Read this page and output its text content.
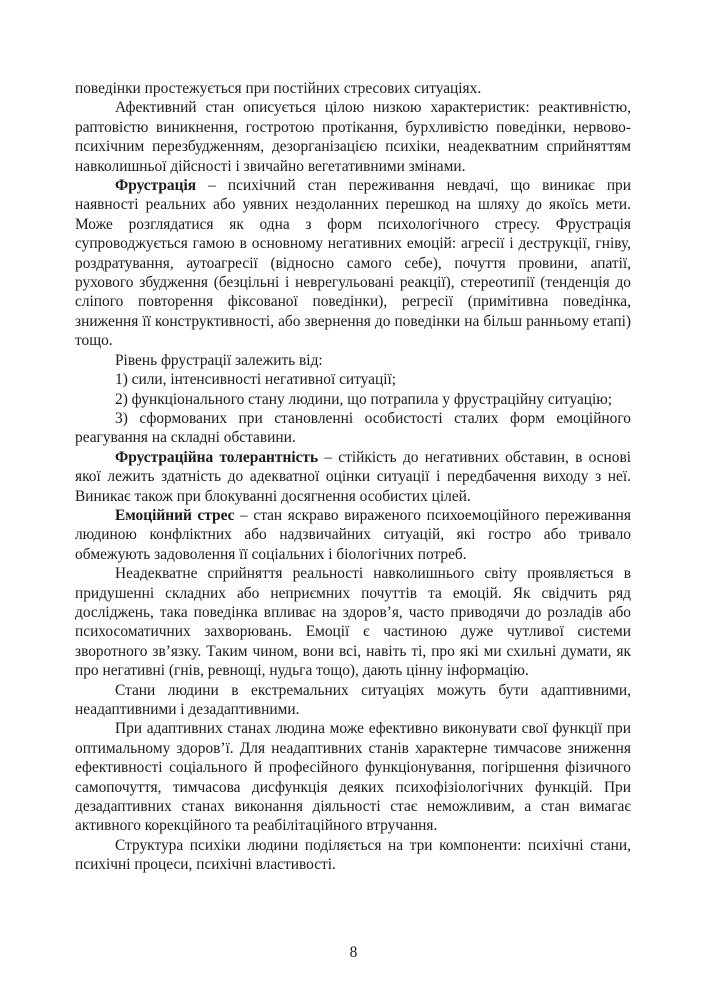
поведінки простежується при постійних стресових ситуаціях.

Афективний стан описується цілою низкою характеристик: реактивністю, раптовістю виникнення, гостротою протікання, бурхливістю поведінки, нервово-психічним перезбудженням, дезорганізацією психіки, неадекватним сприйняттям навколишньої дійсності і звичайно вегетативними змінами.

Фрустрація – психічний стан переживання невдачі, що виникає при наявності реальних або уявних нездоланних перешкод на шляху до якоїсь мети. Може розглядатися як одна з форм психологічного стресу. Фрустрація супроводжується гамою в основному негативних емоцій: агресії і деструкції, гніву, роздратування, аутоагресії (відносно самого себе), почуття провини, апатії, рухового збудження (безцільні і неврегульовані реакції), стереотипії (тенденція до сліпого повторення фіксованої поведінки), регресії (примітивна поведінка, зниження її конструктивності, або звернення до поведінки на більш ранньому етапі) тощо.

Рівень фрустрації залежить від:

1) сили, інтенсивності негативної ситуації;

2) функціонального стану людини, що потрапила у фрустраційну ситуацію;

3) сформованих при становленні особистості сталих форм емоційного реагування на складні обставини.

Фрустраційна толерантність – стійкість до негативних обставин, в основі якої лежить здатність до адекватної оцінки ситуації і передбачення виходу з неї. Виникає також при блокуванні досягнення особистих цілей.

Емоційний стрес – стан яскраво вираженого психоемоційного переживання людиною конфліктних або надзвичайних ситуацій, які гостро або тривало обмежують задоволення її соціальних і біологічних потреб.

Неадекватне сприйняття реальності навколишнього світу проявляється в придушенні складних або неприємних почуттів та емоцій. Як свідчить ряд досліджень, така поведінка впливає на здоров’я, часто приводячи до розладів або психосоматичних захворювань. Емоції є частиною дуже чутливої системи зворотного зв’язку. Таким чином, вони всі, навіть ті, про які ми схильні думати, як про негативні (гнів, ревнощі, нудьга тощо), дають цінну інформацію.

Стани людини в екстремальних ситуаціях можуть бути адаптивними, неадаптивними і дезадаптивними.

При адаптивних станах людина може ефективно виконувати свої функції при оптимальному здоров’ї. Для неадаптивних станів характерне тимчасове зниження ефективності соціального й професійного функціонування, погіршення фізичного самопочуття, тимчасова дисфункція деяких психофізіологічних функцій. При дезадаптивних станах виконання діяльності стає неможливим, а стан вимагає активного корекційного та реабілітаційного втручання.

Структура психіки людини поділяється на три компоненти: психічні стани, психічні процеси, психічні властивості.

8
